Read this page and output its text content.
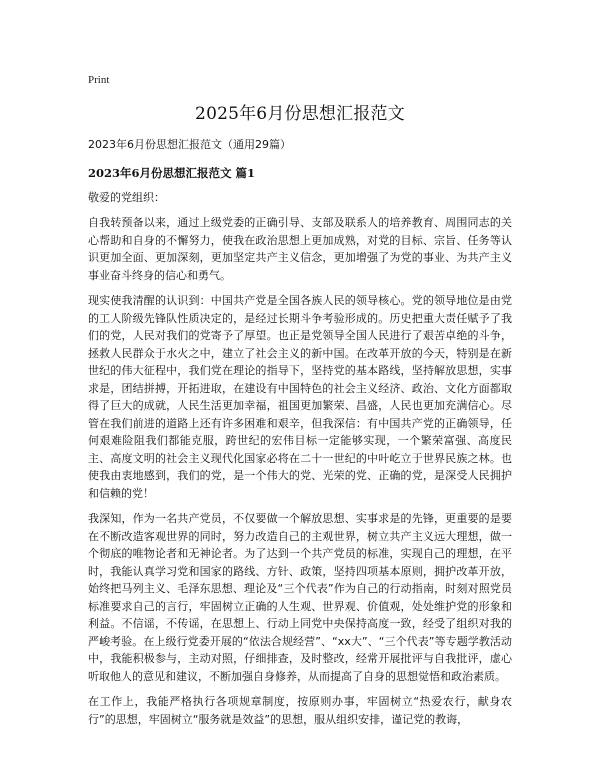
Print
2025年6月份思想汇报范文

2023年6月份思想汇报范文（通用29篇）

2023年6月份思想汇报范文 篇1

敬爱的党组织：

自我转预备以来，通过上级党委的正确引导、支部及联系人的培养教育、周围同志的关心帮助和自身的不懈努力，使我在政治思想上更加成熟，对党的目标、宗旨、任务等认识更加全面、更加深刻，更加坚定共产主义信念，更加增强了为党的事业、为共产主义事业奋斗终身的信心和勇气。

现实使我清醒的认识到：中国共产党是全国各族人民的领导核心。党的领导地位是由党的工人阶级先锋队性质决定的，是经过长期斗争考验形成的。历史把重大责任赋予了我们的党，人民对我们的党寄予了厚望。也正是党领导全国人民进行了艰苦卓绝的斗争，拯救人民群众于水火之中，建立了社会主义的新中国。在改革开放的今天，特别是在新世纪的伟大征程中，我们党在理论的指导下，坚持党的基本路线，坚持解放思想，实事求是，团结拼搏，开拓进取，在建设有中国特色的社会主义经济、政治、文化方面都取得了巨大的成就，人民生活更加幸福，祖国更加繁荣、昌盛，人民也更加充满信心。尽管在我们前进的道路上还有许多困难和艰辛，但我深信：有中国共产党的正确领导，任何艰难险阻我们都能克服，跨世纪的宏伟目标一定能够实现，一个繁荣富强、高度民主、高度文明的社会主义现代化国家必将在二十一世纪的中叶屹立于世界民族之林。也使我由衷地感到，我们的党，是一个伟大的党、光荣的党、正确的党，是深受人民拥护和信赖的党！

我深知，作为一名共产党员，不仅要做一个解放思想、实事求是的先锋，更重要的是要在不断改造客观世界的同时，努力改造自己的主观世界，树立共产主义远大理想，做一个彻底的唯物论者和无神论者。为了达到一个共产党员的标准，实现自己的理想，在平时，我能认真学习党和国家的路线、方针、政策，坚持四项基本原则，拥护改革开放，始终把马列主义、毛泽东思想、理论及“三个代表”作为自己的行动指南，时刻对照党员标准要求自己的言行，牢固树立正确的人生观、世界观、价值观，处处维护党的形象和利益。不信谣，不传谣，在思想上、行动上同党中央保持高度一致，经受了组织对我的严峻考验。在上级行党委开展的“依法合规经营”、“xx大”、“三个代表”等专题学教活动中，我能积极参与，主动对照，仔细排查，及时整改，经常开展批评与自我批评，虚心听取他人的意见和建议，不断加强自身修养，从而提高了自身的思想觉悟和政治素质。

在工作上，我能严格执行各项规章制度，按原则办事，牢固树立“热爱农行，献身农行”的思想，牢固树立“服务就是效益”的思想，服从组织安排，谨记党的教诲，
